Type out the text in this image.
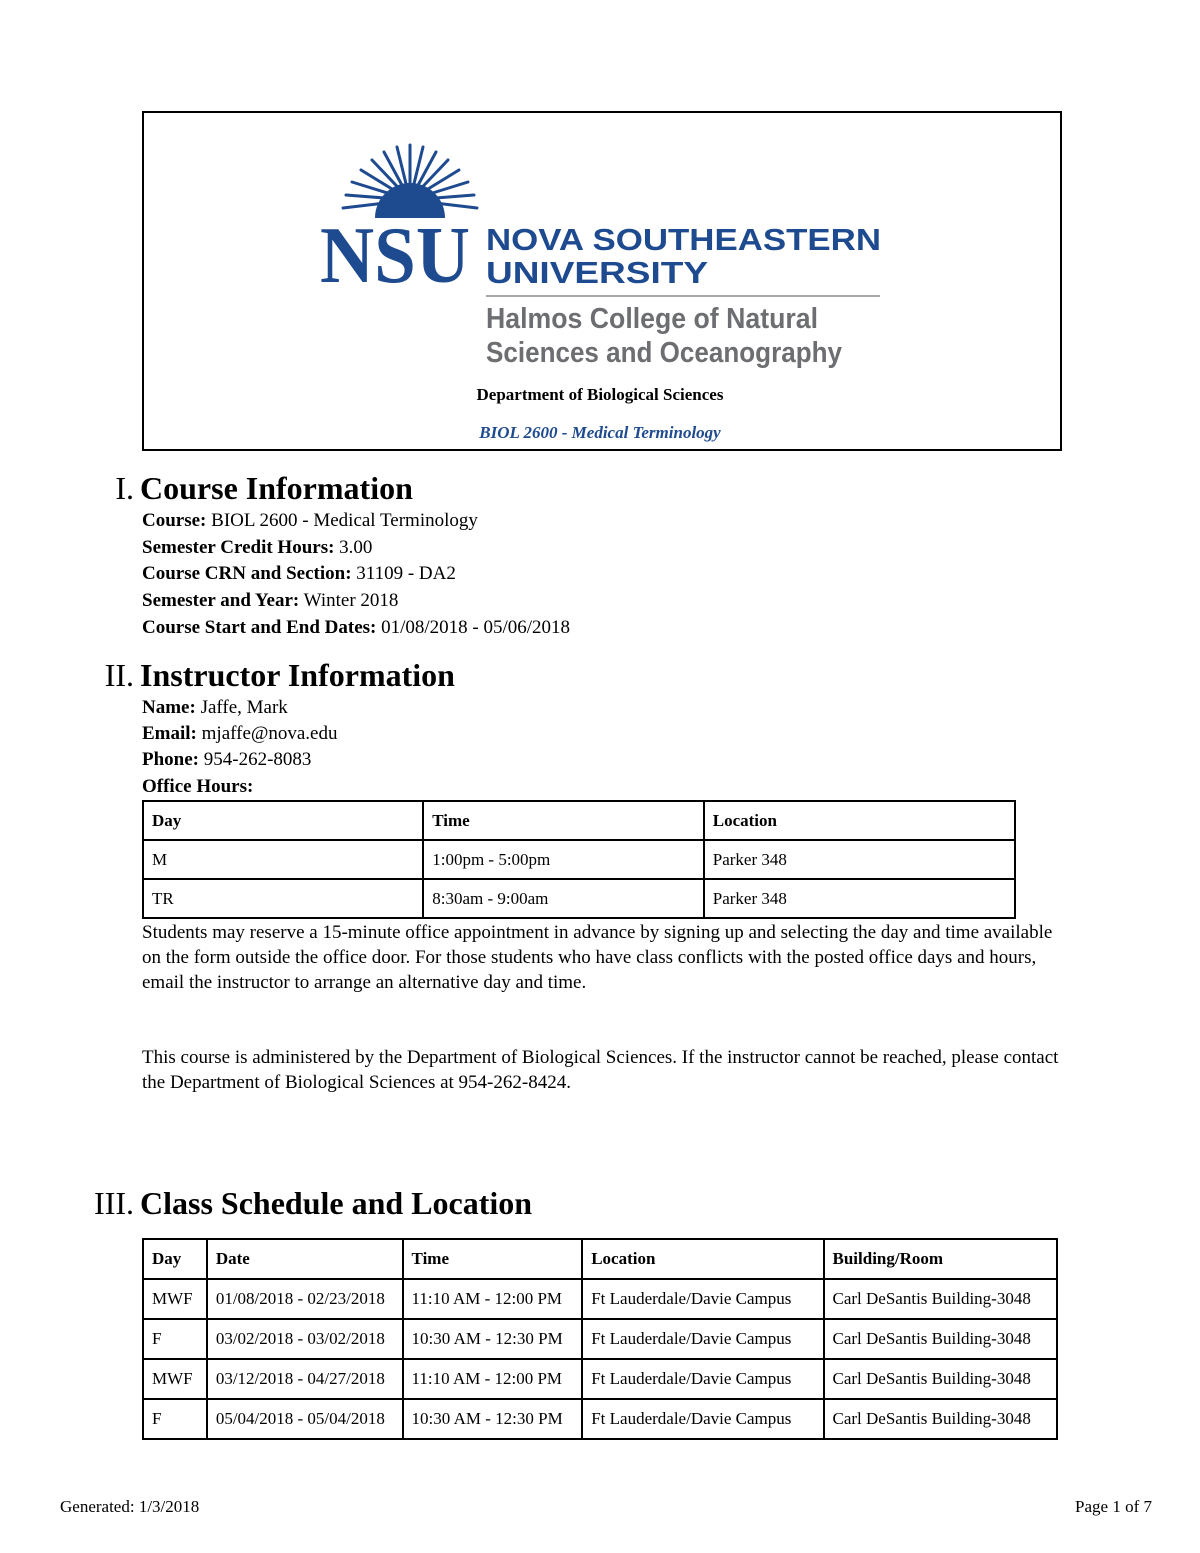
NSU NOVA SOUTHEASTERN
UNIVERSITY
Halmos College of Natural
Sciences and Oceanography
Department of Biological Sciences
BIOL 2600 - Medical Terminology
I. Course Information
Course: BIOL 2600 - Medical Terminology
Semester Credit Hours: 3.00
Course CRN and Section: 31109 - DA2
Semester and Year: Winter 2018
Course Start and End Dates: 01/08/2018 - 05/06/2018
II. Instructor Information
Name: Jaffe, Mark
Email: mjaffe@nova.edu
Phone: 954-262-8083
Office Hours:
Day	Time	Location
M	1:00pm - 5:00pm	Parker 348
TR	8:30am - 9:00am	Parker 348
Students may reserve a 15-minute office appointment in advance by signing up and selecting the day and time available on the form outside the office door. For those students who have class conflicts with the posted office days and hours, email the instructor to arrange an alternative day and time.
This course is administered by the Department of Biological Sciences. If the instructor cannot be reached, please contact the Department of Biological Sciences at 954-262-8424.
III. Class Schedule and Location
Day	Date	Time	Location	Building/Room
MWF	01/08/2018 - 02/23/2018	11:10 AM - 12:00 PM	Ft Lauderdale/Davie Campus	Carl DeSantis Building-3048
F	03/02/2018 - 03/02/2018	10:30 AM - 12:30 PM	Ft Lauderdale/Davie Campus	Carl DeSantis Building-3048
MWF	03/12/2018 - 04/27/2018	11:10 AM - 12:00 PM	Ft Lauderdale/Davie Campus	Carl DeSantis Building-3048
F	05/04/2018 - 05/04/2018	10:30 AM - 12:30 PM	Ft Lauderdale/Davie Campus	Carl DeSantis Building-3048
Generated: 1/3/2018	Page 1 of 7
